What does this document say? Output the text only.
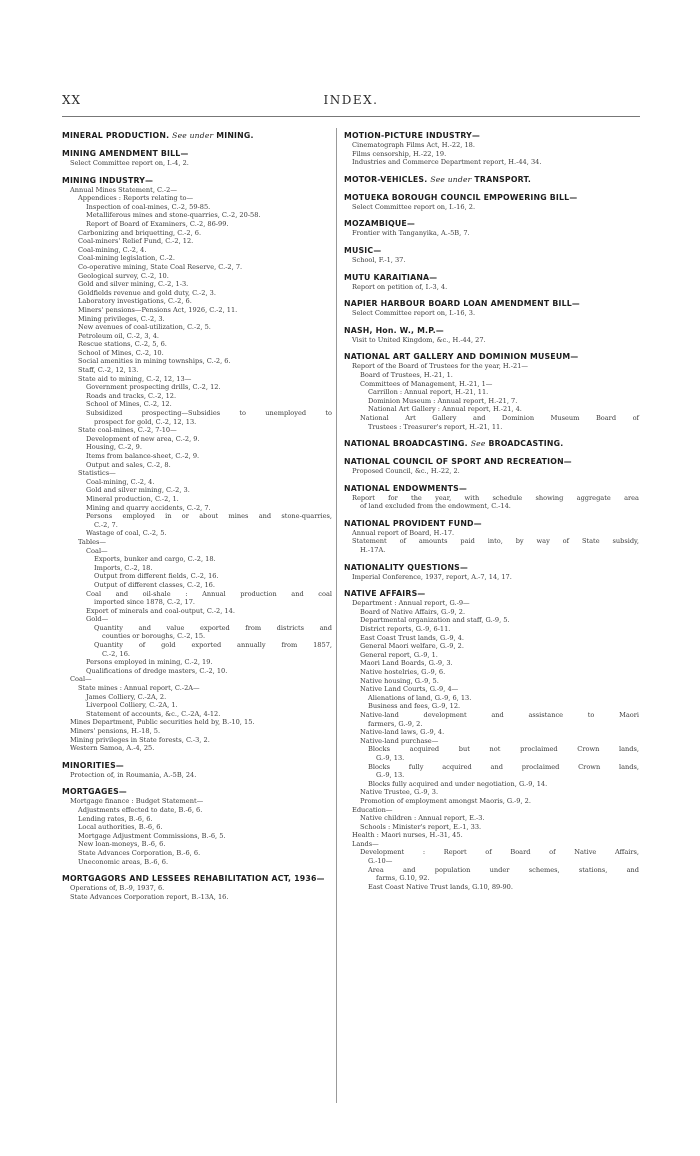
XX	INDEX.
MINERAL PRODUCTION. See under MINING.
MINING AMENDMENT BILL—
Select Committee report on, I.-4, 2.
MINING INDUSTRY—
Annual Mines Statement, C.-2—
Appendices : Reports relating to—
Inspection of coal-mines, C.-2, 59-85.
Metalliferous mines and stone-quarries, C.-2, 20-58.
Report of Board of Examiners, C.-2, 86-99.
Carbonizing and briquetting, C.-2, 6.
Coal-miners' Relief Fund, C.-2, 12.
Coal-mining, C.-2, 4.
Coal-mining legislation, C.-2.
Co-operative mining, State Coal Reserve, C.-2, 7.
Geological survey, C.-2, 10.
Gold and silver mining, C.-2, 1-3.
Goldfields revenue and gold duty, C.-2, 3.
Laboratory investigations, C.-2, 6.
Miners' pensions—Pensions Act, 1926, C.-2, 11.
Mining privileges, C.-2, 3.
New avenues of coal-utilization, C.-2, 5.
Petroleum oil, C.-2, 3, 4.
Rescue stations, C.-2, 5, 6.
School of Mines, C.-2, 10.
Social amenities in mining townships, C.-2, 6.
Staff, C.-2, 12, 13.
State aid to mining, C.-2, 12, 13—
Government prospecting drills, C.-2, 12.
Roads and tracks, C.-2, 12.
School of Mines, C.-2, 12.
Subsidized prospecting—Subsidies to unemployed to
prospect for gold, C.-2, 12, 13.
State coal-mines, C.-2, 7-10—
Development of new area, C.-2, 9.
Housing, C.-2, 9.
Items from balance-sheet, C.-2, 9.
Output and sales, C.-2, 8.
Statistics—
Coal-mining, C.-2, 4.
Gold and silver mining, C.-2, 3.
Mineral production, C.-2, 1.
Mining and quarry accidents, C.-2, 7.
Persons employed in or about mines and stone-quarries,
C.-2, 7.
Wastage of coal, C.-2, 5.
Tables—
Coal—
Exports, bunker and cargo, C.-2, 18.
Imports, C.-2, 18.
Output from different fields, C.-2, 16.
Output of different classes, C.-2, 16.
Coal and oil-shale : Annual production and coal
imported since 1878, C.-2, 17.
Export of minerals and coal-output, C.-2, 14.
Gold—
Quantity and value exported from districts and
counties or boroughs, C.-2, 15.
Quantity of gold exported annually from 1857,
C.-2, 16.
Persons employed in mining, C.-2, 19.
Qualifications of dredge masters, C.-2, 10.
Coal—
State mines : Annual report, C.-2A—
James Colliery, C.-2A, 2.
Liverpool Colliery, C.-2A, 1.
Statement of accounts, &c., C.-2A, 4-12.
Mines Department, Public securities held by, B.-10, 15.
Miners' pensions, H.-18, 5.
Mining privileges in State forests, C.-3, 2.
Western Samoa, A.-4, 25.
MINORITIES—
Protection of, in Roumania, A.-5B, 24.
MORTGAGES—
Mortgage finance : Budget Statement—
Adjustments effected to date, B.-6, 6.
Lending rates, B.-6, 6.
Local authorities, B.-6, 6.
Mortgage Adjustment Commissions, B.-6, 5.
New loan-moneys, B.-6, 6.
State Advances Corporation, B.-6, 6.
Uneconomic areas, B.-6, 6.
MORTGAGORS AND LESSEES REHABILITATION ACT, 1936—
Operations of, B.-9, 1937, 6.
State Advances Corporation report, B.-13A, 16.
MOTION-PICTURE INDUSTRY—
Cinematograph Films Act, H.-22, 18.
Films censorship, H.-22, 19.
Industries and Commerce Department report, H.-44, 34.
MOTOR-VEHICLES. See under TRANSPORT.
MOTUEKA BOROUGH COUNCIL EMPOWERING BILL—
Select Committee report on, I.-16, 2.
MOZAMBIQUE—
Frontier with Tanganyika, A.-5B, 7.
MUSIC—
School, F.-1, 37.
MUTU KARAITIANA—
Report on petition of, I.-3, 4.
NAPIER HARBOUR BOARD LOAN AMENDMENT BILL—
Select Committee report on, I.-16, 3.
NASH, Hon. W., M.P.—
Visit to United Kingdom, &c., H.-44, 27.
NATIONAL ART GALLERY AND DOMINION MUSEUM—
Report of the Board of Trustees for the year, H.-21—
Board of Trustees, H.-21, 1.
Committees of Management, H.-21, 1—
Carrillon : Annual report, H.-21, 11.
Dominion Museum : Annual report, H.-21, 7.
National Art Gallery : Annual report, H.-21, 4.
National Art Gallery and Dominion Museum Board of
Trustees : Treasurer's report, H.-21, 11.
NATIONAL BROADCASTING. See BROADCASTING.
NATIONAL COUNCIL OF SPORT AND RECREATION—
Proposed Council, &c., H.-22, 2.
NATIONAL ENDOWMENTS—
Report for the year, with schedule showing aggregate area
of land excluded from the endowment, C.-14.
NATIONAL PROVIDENT FUND—
Annual report of Board, H.-17.
Statement of amounts paid into, by way of State subsidy,
H.-17A.
NATIONALITY QUESTIONS—
Imperial Conference, 1937, report, A.-7, 14, 17.
NATIVE AFFAIRS—
Department : Annual report, G.-9—
Board of Native Affairs, G.-9, 2.
Departmental organization and staff, G.-9, 5.
District reports, G.-9, 6-11.
East Coast Trust lands, G.-9, 4.
General Maori welfare, G.-9, 2.
General report, G.-9, 1.
Maori Land Boards, G.-9, 3.
Native hostelries, G.-9, 6.
Native housing, G.-9, 5.
Native Land Courts, G.-9, 4—
Alienations of land, G.-9, 6, 13.
Business and fees, G.-9, 12.
Native-land development and assistance to Maori
farmers, G.-9, 2.
Native-land laws, G.-9, 4.
Native-land purchase—
Blocks acquired but not proclaimed Crown lands,
G.-9, 13.
Blocks fully acquired and proclaimed Crown lands,
G.-9, 13.
Blocks fully acquired and under negotiation, G.-9, 14.
Native Trustee, G.-9, 3.
Promotion of employment amongst Maoris, G.-9, 2.
Education—
Native children : Annual report, E.-3.
Schools : Minister's report, E.-1, 33.
Health : Maori nurses, H.-31, 45.
Lands—
Development : Report of Board of Native Affairs,
G.-10—
Area and population under schemes, stations, and
farms, G.10, 92.
East Coast Native Trust lands, G.10, 89-90.
